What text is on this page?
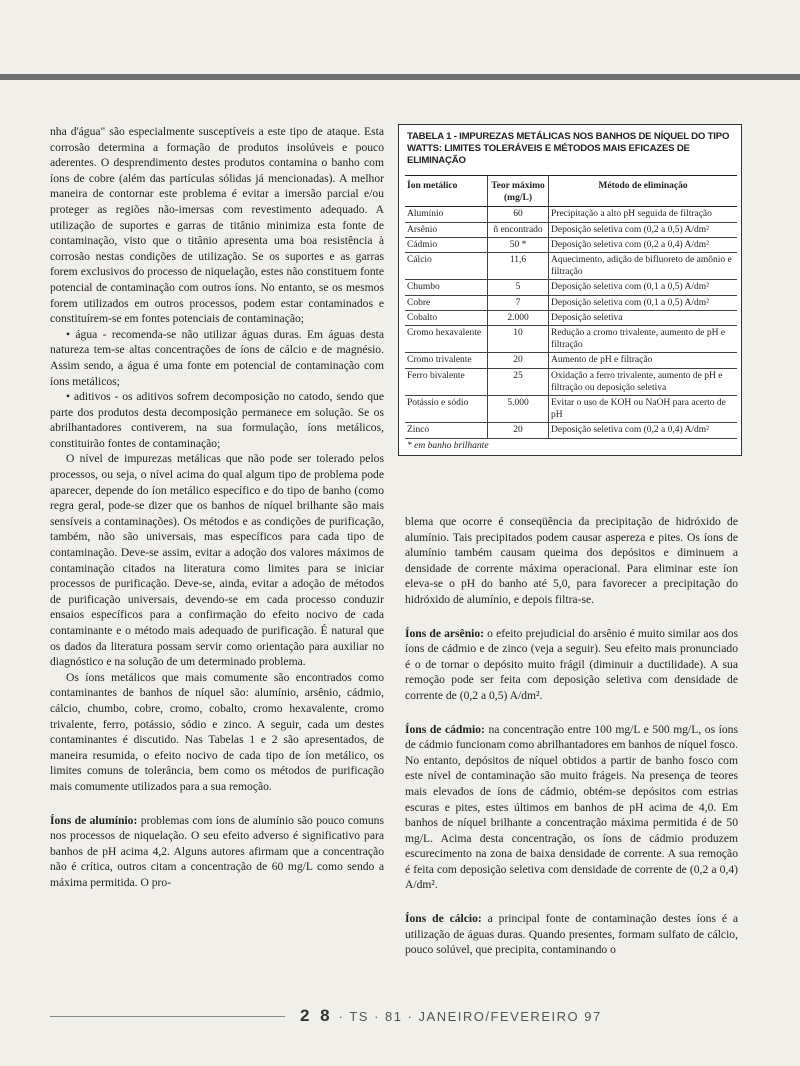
nha d'água" são especialmente susceptíveis a este tipo de ataque. Esta corrosão determina a formação de produtos insolúveis e pouco aderentes. O desprendimento destes produtos contamina o banho com íons de cobre (além das partículas sólidas já mencionadas). A melhor maneira de contornar este problema é evitar a imersão parcial e/ou proteger as regiões não-imersas com revestimento adequado. A utilização de suportes e garras de titânio minimiza esta fonte de contaminação, visto que o titânio apresenta uma boa resistência à corrosão nestas condições de utilização. Se os suportes e as garras forem exclusivos do processo de niquelação, estes não constituem fonte potencial de contaminação com outros íons. No entanto, se os mesmos forem utilizados em outros processos, podem estar contaminados e constituírem-se em fontes potenciais de contaminação;

• água - recomenda-se não utilizar águas duras. Em águas desta natureza tem-se altas concentrações de íons de cálcio e de magnésio. Assim sendo, a água é uma fonte em potencial de contaminação com íons metálicos;

• aditivos - os aditivos sofrem decomposição no catodo, sendo que parte dos produtos desta decomposição permanece em solução. Se os abrilhantadores contiverem, na sua formulação, íons metálicos, constituirão fontes de contaminação;

O nível de impurezas metálicas que não pode ser tolerado pelos processos, ou seja, o nível acima do qual algum tipo de problema pode aparecer, depende do íon metálico específico e do tipo de banho (como regra geral, pode-se dizer que os banhos de níquel brilhante são mais sensíveis a contaminações). Os métodos e as condições de purificação, também, não são universais, mas específicos para cada tipo de contaminação. Deve-se assim, evitar a adoção dos valores máximos de contaminação citados na literatura como limites para se iniciar processos de purificação. Deve-se, ainda, evitar a adoção de métodos de purificação universais, devendo-se em cada processo conduzir ensaios específicos para a confirmação do efeito nocivo de cada contaminante e o método mais adequado de purificação. É natural que os dados da literatura possam servir como orientação para auxiliar no diagnóstico e na solução de um determinado problema.

Os íons metálicos que mais comumente são encontrados como contaminantes de banhos de níquel são: alumínio, arsênio, cádmio, cálcio, chumbo, cobre, cromo, cobalto, cromo hexavalente, cromo trivalente, ferro, potássio, sódio e zinco. A seguir, cada um destes contaminantes é discutido. Nas Tabelas 1 e 2 são apresentados, de maneira resumida, o efeito nocivo de cada tipo de íon metálico, os limites comuns de tolerância, bem como os métodos de purificação mais comumente utilizados para a sua remoção.

Íons de alumínio: problemas com íons de alumínio são pouco comuns nos processos de niquelação. O seu efeito adverso é significativo para banhos de pH acima 4,2. Alguns autores afirmam que a concentração não é crítica, outros citam a concentração de 60 mg/L como sendo a máxima permitida. O pro-

TABELA 1 - IMPUREZAS METÁLICAS NOS BANHOS DE NÍQUEL DO TIPO WATTS: LIMITES TOLERÁVEIS E MÉTODOS MAIS EFICAZES DE ELIMINAÇÃO
Íon metálico	Teor máximo (mg/L)	Método de eliminação
Alumínio	60	Precipitação a alto pH seguida de filtração
Arsênio	ñ encontrado	Deposição seletiva com (0,2 a 0,5) A/dm²
Cádmio	50 *	Deposição seletiva com (0,2 a 0,4) A/dm²
Cálcio	11,6	Aquecimento, adição de bifluoreto de amônio e filtração
Chumbo	5	Deposição seletiva com (0,1 a 0,5) A/dm²
Cobre	7	Deposição seletiva com (0,1 a 0,5) A/dm²
Cobalto	2.000	Deposição seletiva
Cromo hexavalente	10	Redução a cromo trivalente, aumento de pH e filtração
Cromo trivalente	20	Aumento de pH e filtração
Ferro bivalente	25	Oxidação a ferro trivalente, aumento de pH e filtração ou deposição seletiva
Potássio e sódio	5.000	Evitar o uso de KOH ou NaOH para acerto de pH
Zinco	20	Deposição seletiva com (0,2 a 0,4) A/dm²
* em banho brilhante

blema que ocorre é conseqüência da precipitação de hidróxido de alumínio. Tais precipitados podem causar aspereza e pites. Os íons de alumínio também causam queima dos depósitos e diminuem a densidade de corrente máxima operacional. Para eliminar este íon eleva-se o pH do banho até 5,0, para favorecer a precipitação do hidróxido de alumínio, e depois filtra-se.

Íons de arsênio: o efeito prejudicial do arsênio é muito similar aos dos íons de cádmio e de zinco (veja a seguir). Seu efeito mais pronunciado é o de tornar o depósito muito frágil (diminuir a ductilidade). A sua remoção pode ser feita com deposição seletiva com densidade de corrente de (0,2 a 0,5) A/dm².

Íons de cádmio: na concentração entre 100 mg/L e 500 mg/L, os íons de cádmio funcionam como abrilhantadores em banhos de níquel fosco. No entanto, depósitos de níquel obtidos a partir de banho fosco com este nível de contaminação são muito frágeis. Na presença de teores mais elevados de íons de cádmio, obtém-se depósitos com estrias escuras e pites, estes últimos em banhos de pH acima de 4,0. Em banhos de níquel brilhante a concentração máxima permitida é de 50 mg/L. Acima desta concentração, os íons de cádmio produzem escurecimento na zona de baixa densidade de corrente. A sua remoção é feita com deposição seletiva com densidade de corrente de (0,2 a 0,4) A/dm².

Íons de cálcio: a principal fonte de contaminação destes íons é a utilização de águas duras. Quando presentes, formam sulfato de cálcio, pouco solúvel, que precipita, contaminando o

2 8 · TS · 81 · JANEIRO/FEVEREIRO 97
